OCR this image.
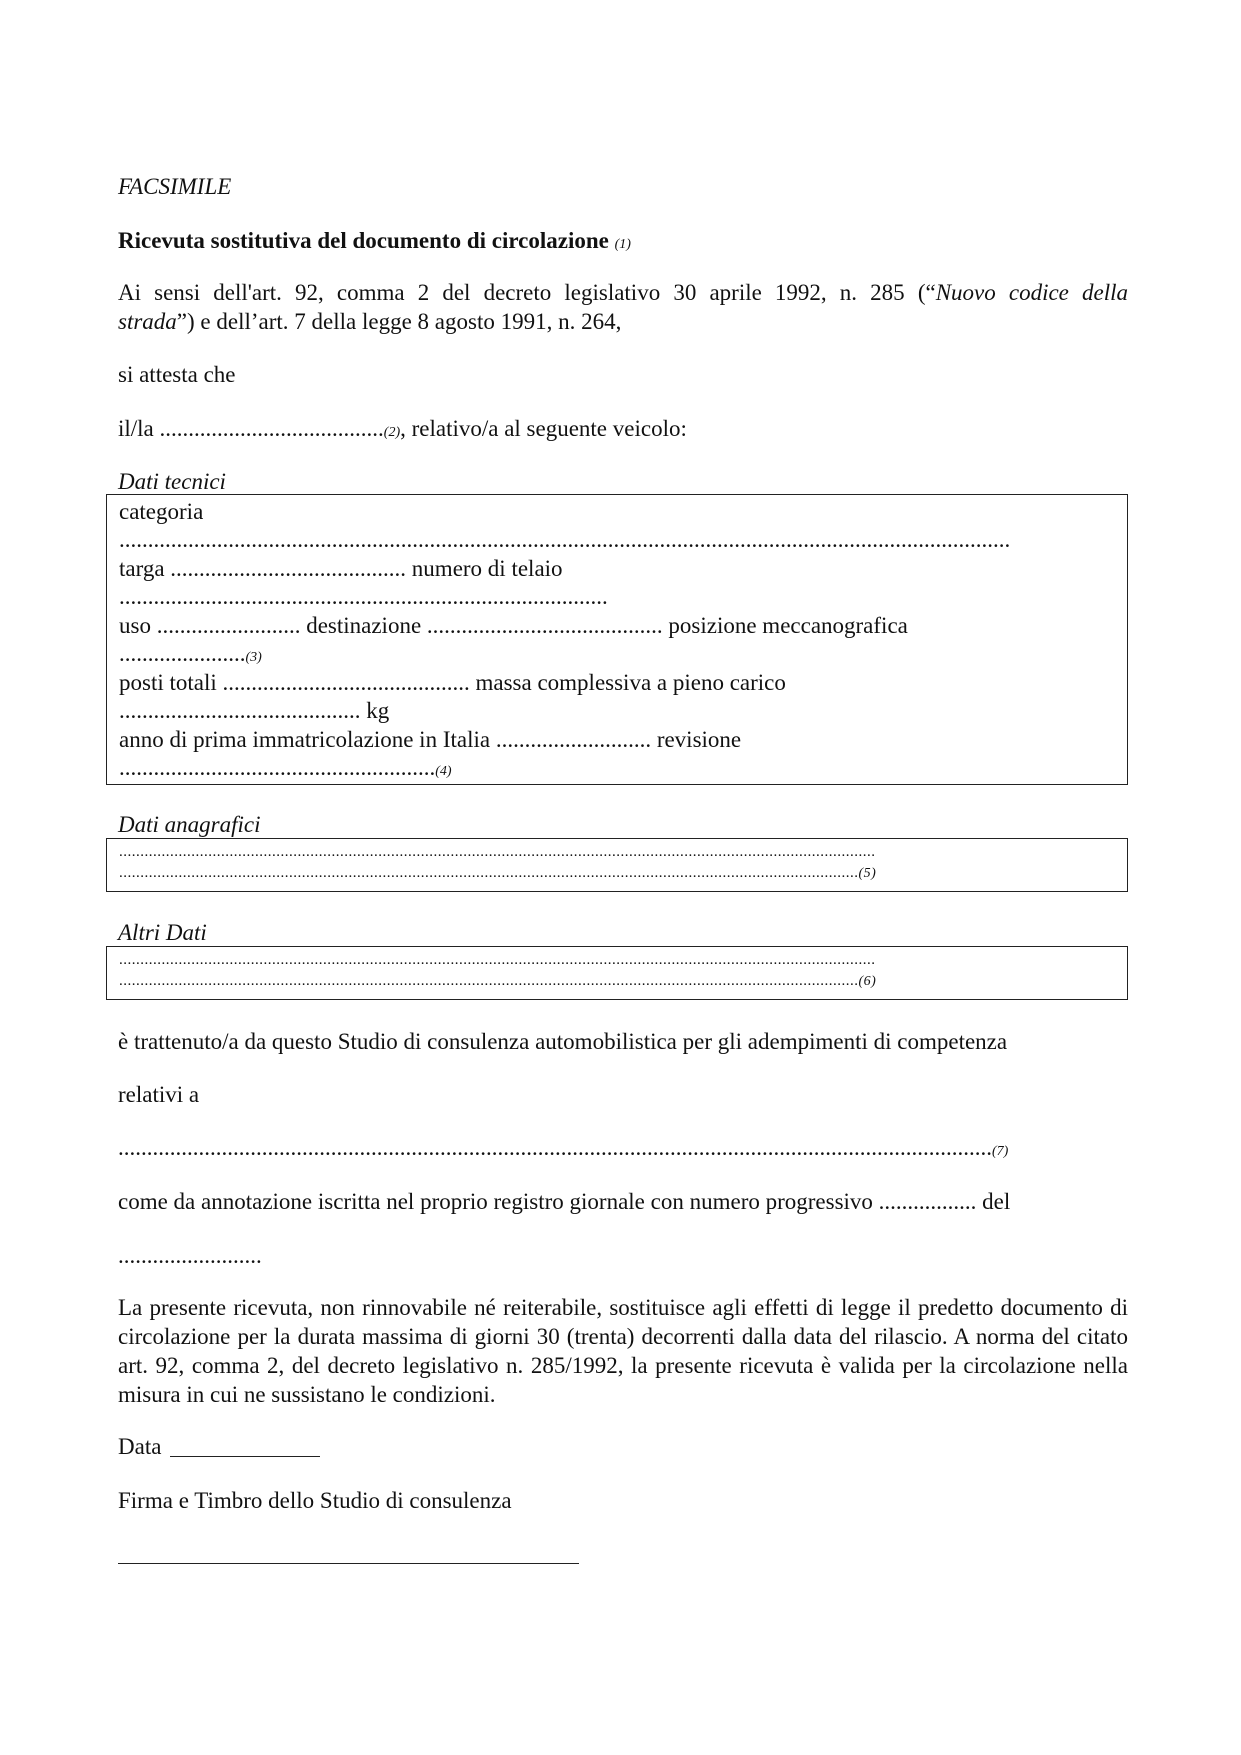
FACSIMILE
Ricevuta sostitutiva del documento di circolazione (1)
Ai sensi dell'art. 92, comma 2 del decreto legislativo 30 aprile 1992, n. 285 (“Nuovo codice della
strada”) e dell’art. 7 della legge 8 agosto 1991, n. 264,
si attesta che
il/la .......................................(2), relativo/a al seguente veicolo:
Dati tecnici
categoria
...........................................................................................................................................................
targa ......................................... numero di telaio
.....................................................................................
uso ......................... destinazione ......................................... posizione meccanografica
......................(3)
posti totali ........................................... massa complessiva a pieno carico
.......................................... kg
anno di prima immatricolazione in Italia ........................... revisione
.......................................................(4)
Dati anagrafici
..................................................................................................................................................................................
..............................................................................................................................................................................(5)
Altri Dati
..................................................................................................................................................................................
..............................................................................................................................................................................(6)
è trattenuto/a da questo Studio di consulenza automobilistica per gli adempimenti di competenza
relativi a
........................................................................................................................................................(7)
come da annotazione iscritta nel proprio registro giornale con numero progressivo ................. del
.........................
La presente ricevuta, non rinnovabile né reiterabile, sostituisce agli effetti di legge il predetto documento di circolazione per la durata massima di giorni 30 (trenta) decorrenti dalla data del rilascio. A norma del citato art. 92, comma 2, del decreto legislativo n. 285/1992, la presente ricevuta è valida per la circolazione nella misura in cui ne sussistano le condizioni.
Data
Firma e Timbro dello Studio di consulenza
